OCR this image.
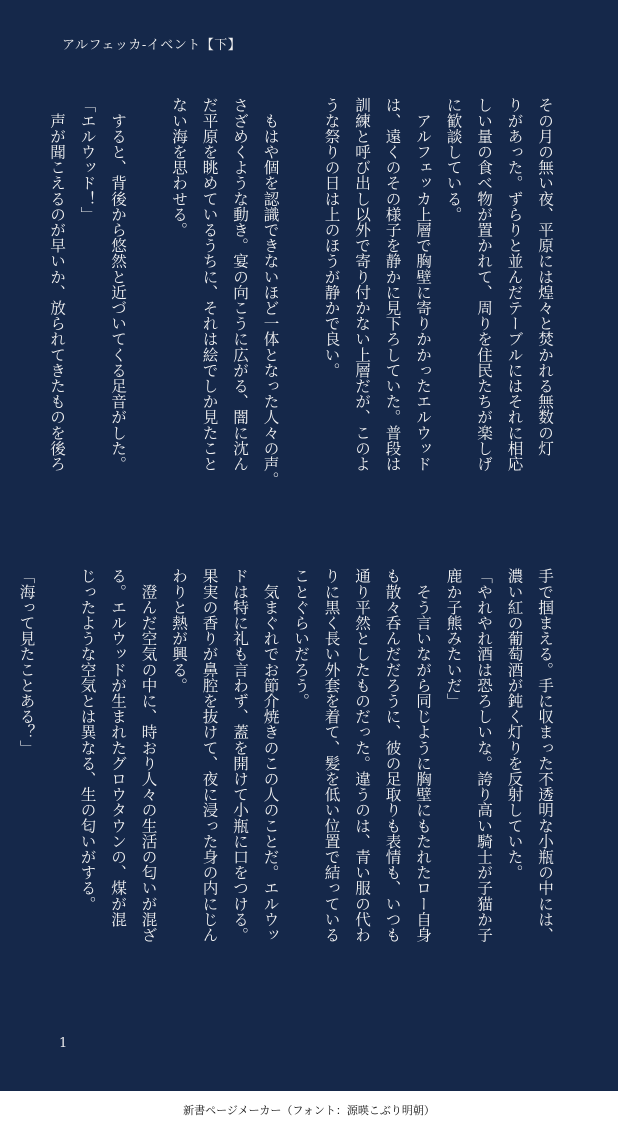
アルフェッカ-イベント【下】
その月の無い夜、平原には煌々と焚かれる無数の灯
りがあった。ずらりと並んだテーブルにはそれに相応
しい量の食べ物が置かれて、周りを住民たちが楽しげ
に歓談している。
　アルフェッカ上層で胸壁に寄りかかったエルウッド
は、遠くのその様子を静かに見下ろしていた。普段は
訓練と呼び出し以外で寄り付かない上層だが、このよ
うな祭りの日は上のほうが静かで良い。

　もはや個を認識できないほど一体となった人々の声。
さざめくような動き。宴の向こうに広がる、闇に沈ん
だ平原を眺めているうちに、それは絵でしか見たこと
ない海を思わせる。

　すると、背後から悠然と近づいてくる足音がした。
「エルウッド！」
　声が聞こえるのが早いか、放られてきたものを後ろ
手で掴まえる。手に収まった不透明な小瓶の中には、
濃い紅の葡萄酒が鈍く灯りを反射していた。
「やれやれ酒は恐ろしいな。誇り高い騎士が子猫か子
鹿か子熊みたいだ」
　そう言いながら同じように胸壁にもたれたロー自身
も散々呑んだだろうに、彼の足取りも表情も、いつも
通り平然としたものだった。違うのは、青い服の代わ
りに黒く長い外套を着て、髪を低い位置で結っている
ことぐらいだろう。
　気まぐれでお節介焼きのこの人のことだ。エルウッ
ドは特に礼も言わず、蓋を開けて小瓶に口をつける。
果実の香りが鼻腔を抜けて、夜に浸った身の内にじん
わりと熱が興る。
　澄んだ空気の中に、時おり人々の生活の匂いが混ざ
る。エルウッドが生まれたグロウタウンの、煤が混
じったような空気とは異なる、生の匂いがする。

「海って見たことある？」
1
新書ページメーカー（フォント：源暎こぶり明朝）
